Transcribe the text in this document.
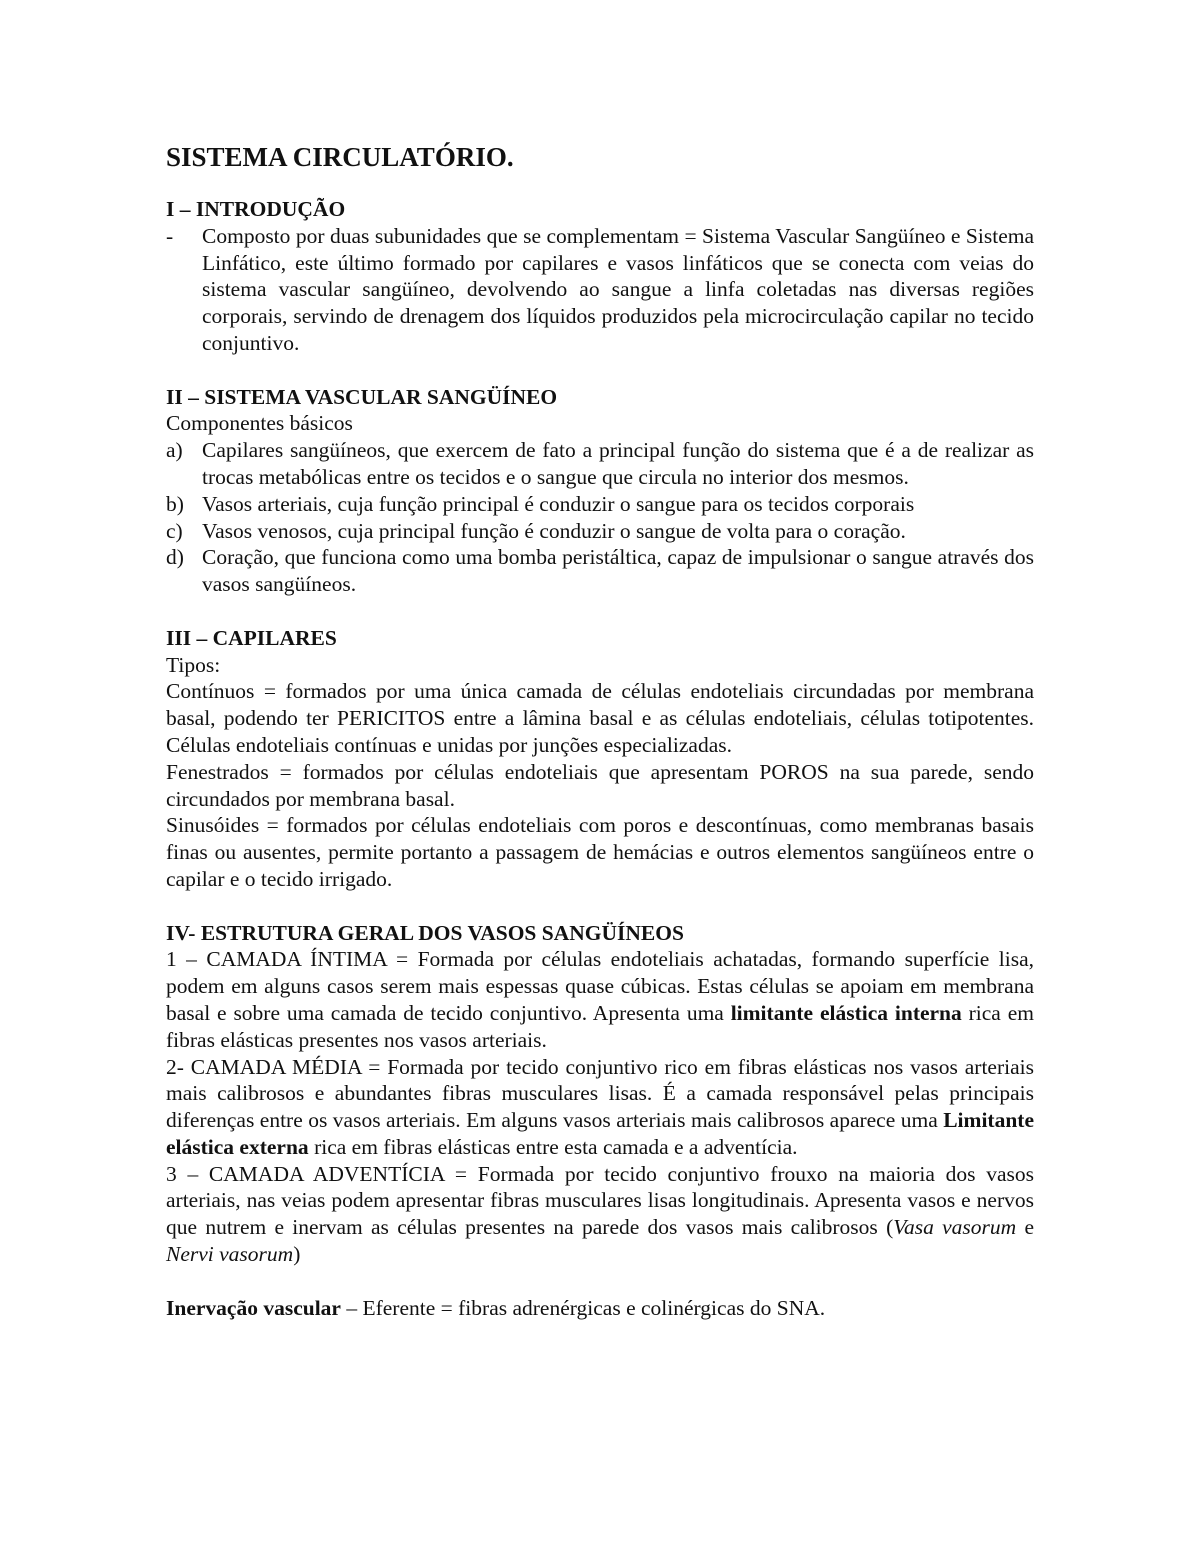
SISTEMA CIRCULATÓRIO.
I – INTRODUÇÃO
- Composto por duas subunidades que se complementam = Sistema Vascular Sangüíneo e Sistema Linfático, este último formado por capilares e vasos linfáticos que se conecta com veias do sistema vascular sangüíneo, devolvendo ao sangue a linfa coletadas nas diversas regiões corporais, servindo de drenagem dos líquidos produzidos pela microcirculação capilar no tecido conjuntivo.
II – SISTEMA VASCULAR SANGÜÍNEO
Componentes básicos
a) Capilares sangüíneos, que exercem de fato a principal função do sistema que é a de realizar as trocas metabólicas entre os tecidos e o sangue que circula no interior dos mesmos.
b) Vasos arteriais, cuja função principal é conduzir o sangue para os tecidos corporais
c) Vasos venosos, cuja principal função é conduzir o sangue de volta para o coração.
d) Coração, que funciona como uma bomba peristáltica, capaz de impulsionar o sangue através dos vasos sangüíneos.
III – CAPILARES
Tipos:
Contínuos = formados por uma única camada de células endoteliais circundadas por membrana basal, podendo ter PERICITOS entre a lâmina basal e as células endoteliais, células totipotentes. Células endoteliais contínuas e unidas por junções especializadas.
Fenestrados = formados por células endoteliais que apresentam POROS na sua parede, sendo circundados por membrana basal.
Sinusóides = formados por células endoteliais com poros e descontínuas, como membranas basais finas ou ausentes, permite portanto a passagem de hemácias e outros elementos sangüíneos entre o capilar e o tecido irrigado.
IV- ESTRUTURA GERAL DOS VASOS SANGÜÍNEOS
1 – CAMADA ÍNTIMA = Formada por células endoteliais achatadas, formando superfície lisa, podem em alguns casos serem mais espessas quase cúbicas. Estas células se apoiam em membrana basal e sobre uma camada de tecido conjuntivo. Apresenta uma limitante elástica interna rica em fibras elásticas presentes nos vasos arteriais.
2- CAMADA MÉDIA = Formada por tecido conjuntivo rico em fibras elásticas nos vasos arteriais mais calibrosos e abundantes fibras musculares lisas. É a camada responsável pelas principais diferenças entre os vasos arteriais. Em alguns vasos arteriais mais calibrosos aparece uma Limitante elástica externa rica em fibras elásticas entre esta camada e a adventícia.
3 – CAMADA ADVENTÍCIA = Formada por tecido conjuntivo frouxo na maioria dos vasos arteriais, nas veias podem apresentar fibras musculares lisas longitudinais. Apresenta vasos e nervos que nutrem e inervam as células presentes na parede dos vasos mais calibrosos (Vasa vasorum e Nervi vasorum)
Inervação vascular – Eferente = fibras adrenérgicas e colinérgicas do SNA.
